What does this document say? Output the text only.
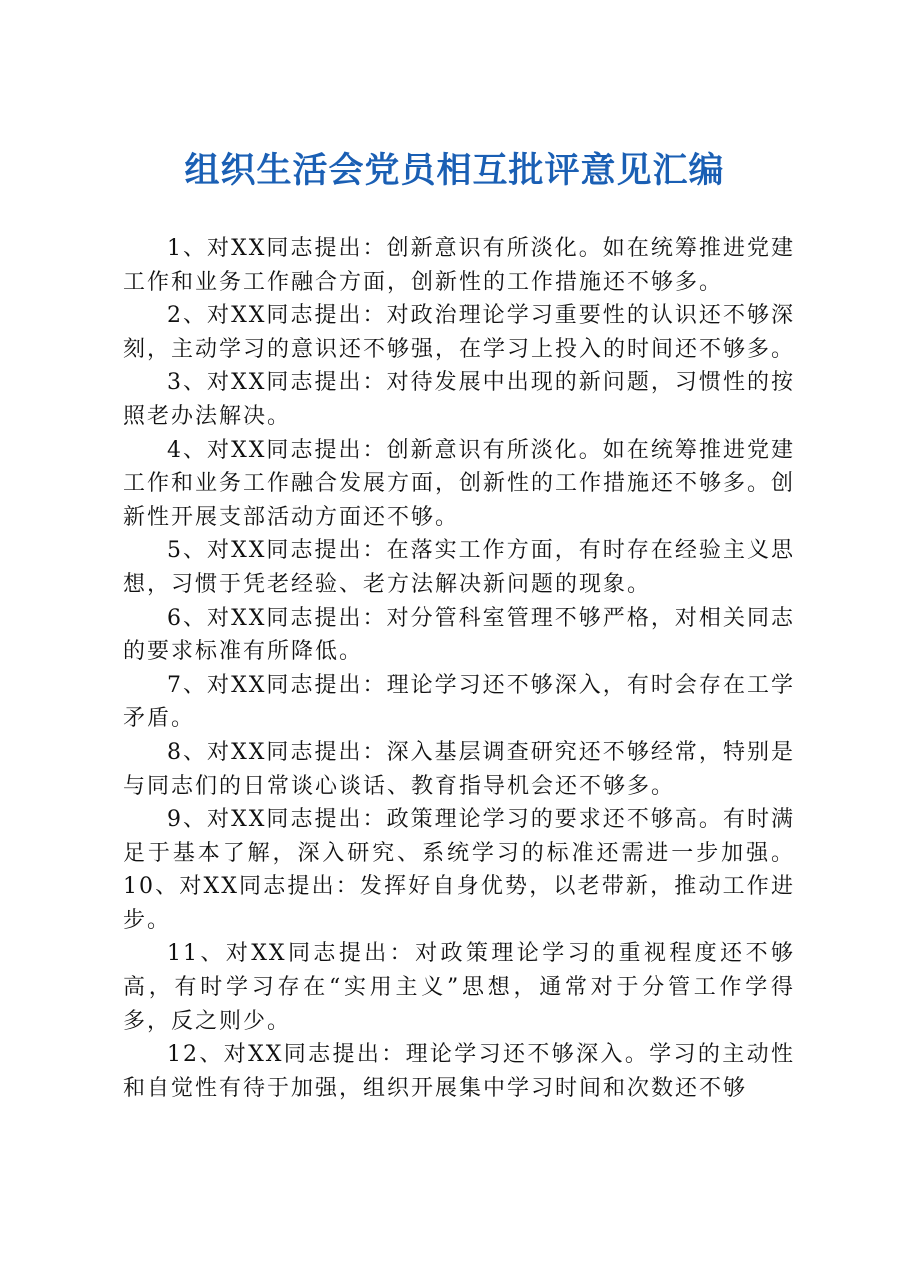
组织生活会党员相互批评意见汇编

1、对XX同志提出：创新意识有所淡化。如在统筹推进党建工作和业务工作融合方面，创新性的工作措施还不够多。

2、对XX同志提出：对政治理论学习重要性的认识还不够深刻，主动学习的意识还不够强，在学习上投入的时间还不够多。

3、对XX同志提出：对待发展中出现的新问题，习惯性的按照老办法解决。

4、对XX同志提出：创新意识有所淡化。如在统筹推进党建工作和业务工作融合发展方面，创新性的工作措施还不够多。创新性开展支部活动方面还不够。

5、对XX同志提出：在落实工作方面，有时存在经验主义思想，习惯于凭老经验、老方法解决新问题的现象。

6、对XX同志提出：对分管科室管理不够严格，对相关同志的要求标准有所降低。

7、对XX同志提出：理论学习还不够深入，有时会存在工学矛盾。

8、对XX同志提出：深入基层调查研究还不够经常，特别是与同志们的日常谈心谈话、教育指导机会还不够多。

9、对XX同志提出：政策理论学习的要求还不够高。有时满足于基本了解，深入研究、系统学习的标准还需进一步加强。10、对XX同志提出：发挥好自身优势，以老带新，推动工作进步。

11、对XX同志提出：对政策理论学习的重视程度还不够高，有时学习存在“实用主义”思想，通常对于分管工作学得多，反之则少。

12、对XX同志提出：理论学习还不够深入。学习的主动性和自觉性有待于加强，组织开展集中学习时间和次数还不够
